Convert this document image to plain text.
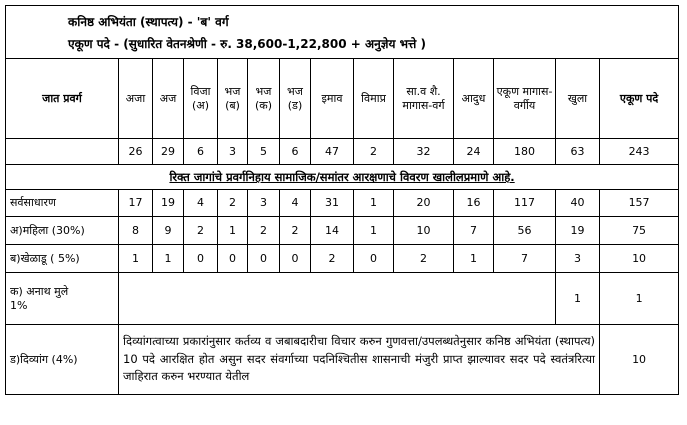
कनिष्ठ अभियंता (स्थापत्य) - 'ब' वर्ग
एकूण पदे - (सुधारित वेतनश्रेणी - रु. 38,600-1,22,800 + अनुज्ञेय भत्ते )													

जात प्रवर्ग	अजा	अज	विजा (अ)	भज (ब)	भज (क)	भज (ड)	इमाव	विमाप्र	सा.व शै. मागास-वर्ग	आदुध	एकूण मागास-वर्गीय	खुला	एकूण पदे
	26	29	6	3	5	6	47	2	32	24	180	63	243
रिक्त जागांचे प्रवर्गनिहाय सामाजिक/समांतर आरक्षणाचे विवरण खालीलप्रमाणे आहे.													
सर्वसाधारण	17	19	4	2	3	4	31	1	20	16	117	40	157
अ)महिला (30%)	8	9	2	1	2	2	14	1	10	7	56	19	75
ब)खेळाडू ( 5%)	1	1	0	0	0	0	2	0	2	1	7	3	10

क) अनाथ मुले
1%												1	1
ड)दिव्यांग (4%)	दिव्यांगत्वाच्या प्रकारांनुसार कर्तव्य व जबाबदारीचा विचार करुन गुणवत्ता/उपलब्धतेनुसार कनिष्ठ अभियंता (स्थापत्य) 10 पदे आरक्षित होत असुन सदर संवर्गाच्या पदनिश्चितीस शासनाची मंजुरी प्राप्त झाल्यावर सदर पदे स्वतंत्ररित्या जाहिरात करुन भरण्यात येतील												10
